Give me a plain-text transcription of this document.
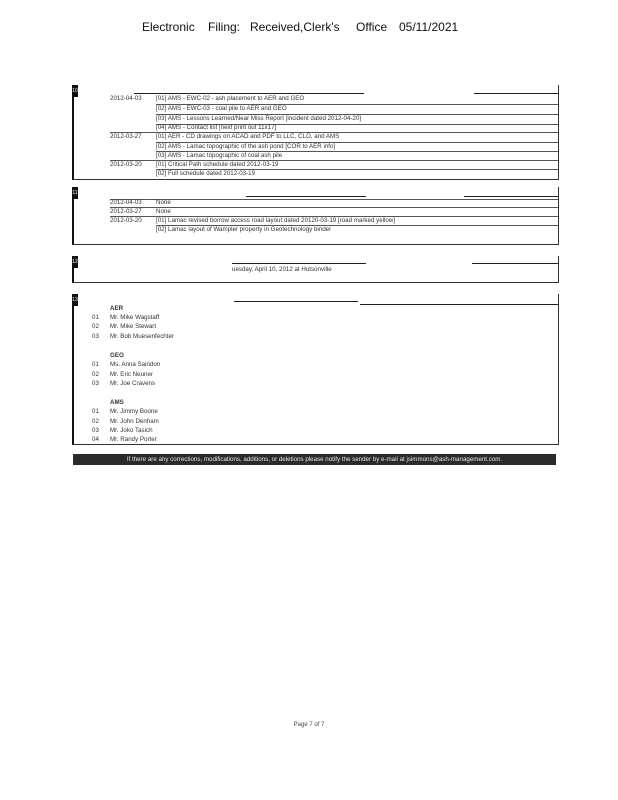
Electronic Filing: Received,Clerk's Office 05/11/2021
10
2012-04-03 [01] AMS - EWC-02 - ash placement to AER and GEO
[02] AMS - EWC-03 - coal pile to AER and GEO
[03] AMS - Lessons Learned/Near Miss Report [incident dated 2012-04-20]
[04] AMS - Contact list [next print out 11x17]
2012-03-27 [01] AER - CD drawings on ACAD and PDF to LLC, CLO, and AMS
[02] AMS - Lamac topographic of the ash pond [COR to AER info]
[03] AMS - Lamac topographic of coal ash pile
2012-03-20 [01] Critical Path schedule dated 2012-03-19
[02] Full schedule dated 2012-03-19
11
2012-04-03 None
2012-03-27 None
2012-03-20 [01] Lamac revised borrow access road layout dated 20120-03-19 [road marked yellow]
[02] Lamac layout of Wampler property in Geotechnology binder
12
uesday, April 10, 2012 at Hutsonville
13
AER
01 Mr. Mike Wagstaff
02 Mr. Mike Stewart
03 Mr. Bob Muesenfechter
GEO
01 Ms. Anna Saindon
02 Mr. Eric Neuner
03 Mr. Joe Cravens
AMS
01 Mr. Jimmy Boone
02 Mr. John Denham
03 Mr. Joko Tasich
04 Mr. Randy Porter
If there are any corrections, modifications, additions, or deletions please notify the sender by e-mail at jsimmons@ash-management.com.
Page 7 of 7
